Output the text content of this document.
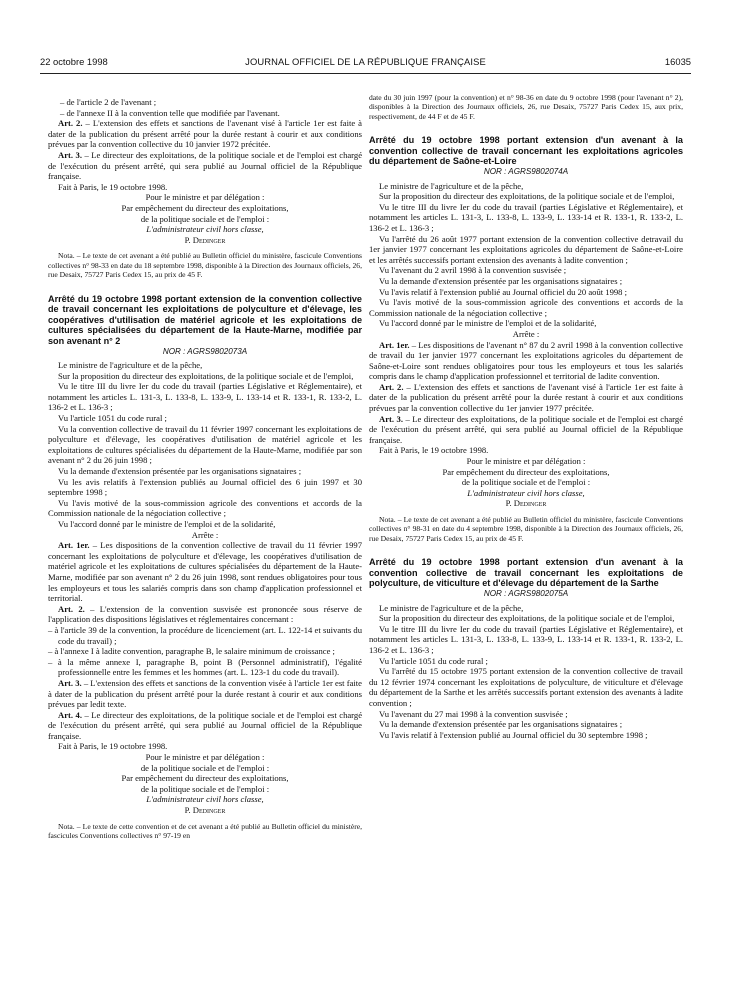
22 octobre 1998	JOURNAL OFFICIEL DE LA RÉPUBLIQUE FRANÇAISE	16035

– de l'article 2 de l'avenant ;

– de l'annexe II à la convention telle que modifiée par l'avenant.

Art. 2. – L'extension des effets et sanctions de l'avenant visé à l'article 1er est faite à dater de la publication du présent arrêté pour la durée restant à courir et aux conditions prévues par la convention collective du 10 janvier 1972 précitée.

Art. 3. – Le directeur des exploitations, de la politique sociale et de l'emploi est chargé de l'exécution du présent arrêté, qui sera publié au Journal officiel de la République française.

Fait à Paris, le 19 octobre 1998.

Pour le ministre et par délégation :

Par empêchement du directeur des exploitations,

de la politique sociale et de l'emploi :

L'administrateur civil hors classe,

P. Dedinger

Nota. – Le texte de cet avenant a été publié au Bulletin officiel du ministère, fascicule Conventions collectives n° 98-33 en date du 18 septembre 1998, disponible à la Direction des Journaux officiels, 26, rue Desaix, 75727 Paris Cedex 15, au prix de 45 F.

Arrêté du 19 octobre 1998 portant extension de la convention collective de travail concernant les exploitations de polyculture et d'élevage, les coopératives d'utilisation de matériel agricole et les exploitations de cultures spécialisées du département de la Haute-Marne, modifiée par son avenant n° 2

NOR : AGRS9802073A

Le ministre de l'agriculture et de la pêche,

Sur la proposition du directeur des exploitations, de la politique sociale et de l'emploi,

Vu le titre III du livre Ier du code du travail (parties Législative et Réglementaire), et notamment les articles L. 131-3, L. 133-8, L. 133-9, L. 133-14 et R. 133-1, R. 133-2, L. 136-2 et L. 136-3 ;

Vu l'article 1051 du code rural ;

Vu la convention collective de travail du 11 février 1997 concernant les exploitations de polyculture et d'élevage, les coopératives d'utilisation de matériel agricole et les exploitations de cultures spécialisées du département de la Haute-Marne, modifiée par son avenant n° 2 du 26 juin 1998 ;

Vu la demande d'extension présentée par les organisations signataires ;

Vu les avis relatifs à l'extension publiés au Journal officiel des 6 juin 1997 et 30 septembre 1998 ;

Vu l'avis motivé de la sous-commission agricole des conventions et accords de la Commission nationale de la négociation collective ;

Vu l'accord donné par le ministre de l'emploi et de la solidarité,

Arrête :

Art. 1er. – Les dispositions de la convention collective de travail du 11 février 1997 concernant les exploitations de polyculture et d'élevage, les coopératives d'utilisation de matériel agricole et les exploitations de cultures spécialisées du département de la Haute-Marne, modifiée par son avenant n° 2 du 26 juin 1998, sont rendues obligatoires pour tous les employeurs et tous les salariés compris dans son champ d'application professionnel et territorial.

Art. 2. – L'extension de la convention susvisée est prononcée sous réserve de l'application des dispositions législatives et réglementaires concernant :

– à l'article 39 de la convention, la procédure de licenciement (art. L. 122-14 et suivants du code du travail) ;

– à l'annexe I à ladite convention, paragraphe B, le salaire minimum de croissance ;

– à la même annexe I, paragraphe B, point B (Personnel administratif), l'égalité professionnelle entre les femmes et les hommes (art. L. 123-1 du code du travail).

Art. 3. – L'extension des effets et sanctions de la convention visée à l'article 1er est faite à dater de la publication du présent arrêté pour la durée restant à courir et aux conditions prévues par ledit texte.

Art. 4. – Le directeur des exploitations, de la politique sociale et de l'emploi est chargé de l'exécution du présent arrêté, qui sera publié au Journal officiel de la République française.

Fait à Paris, le 19 octobre 1998.

Pour le ministre et par délégation :

de la politique sociale et de l'emploi :

Par empêchement du directeur des exploitations,

de la politique sociale et de l'emploi :

L'administrateur civil hors classe,

P. Dedinger

Nota. – Le texte de cette convention et de cet avenant a été publié au Bulletin officiel du ministère, fascicules Conventions collectives n° 97-19 en

date du 30 juin 1997 (pour la convention) et n° 98-36 en date du 9 octobre 1998 (pour l'avenant n° 2), disponibles à la Direction des Journaux officiels, 26, rue Desaix, 75727 Paris Cedex 15, aux prix, respectivement, de 44 F et de 45 F.

Arrêté du 19 octobre 1998 portant extension d'un avenant à la convention collective de travail concernant les exploitations agricoles du département de Saône-et-Loire

NOR : AGRS9802074A

Le ministre de l'agriculture et de la pêche,

Sur la proposition du directeur des exploitations, de la politique sociale et de l'emploi,

Vu le titre III du livre Ier du code du travail (parties Législative et Réglementaire), et notamment les articles L. 131-3, L. 133-8, L. 133-9, L. 133-14 et R. 133-1, R. 133-2, L. 136-2 et L. 136-3 ;

Vu l'arrêté du 26 août 1977 portant extension de la convention collective detravail du 1er janvier 1977 concernant les exploitations agricoles du département de Saône-et-Loire et les arrêtés successifs portant extension des avenants à ladite convention ;

Vu l'avenant du 2 avril 1998 à la convention susvisée ;

Vu la demande d'extension présentée par les organisations signataires ;

Vu l'avis relatif à l'extension publié au Journal officiel du 20 août 1998 ;

Vu l'avis motivé de la sous-commission agricole des conventions et accords de la Commission nationale de la négociation collective ;

Vu l'accord donné par le ministre de l'emploi et de la solidarité,

Arrête :

Art. 1er. – Les dispositions de l'avenant n° 87 du 2 avril 1998 à la convention collective de travail du 1er janvier 1977 concernant les exploitations agricoles du département de Saône-et-Loire sont rendues obligatoires pour tous les employeurs et tous les salariés compris dans le champ d'application professionnel et territorial de ladite convention.

Art. 2. – L'extension des effets et sanctions de l'avenant visé à l'article 1er est faite à dater de la publication du présent arrêté pour la durée restant à courir et aux conditions prévues par la convention collective du 1er janvier 1977 précitée.

Art. 3. – Le directeur des exploitations, de la politique sociale et de l'emploi est chargé de l'exécution du présent arrêté, qui sera publié au Journal officiel de la République française.

Fait à Paris, le 19 octobre 1998.

Pour le ministre et par délégation :

Par empêchement du directeur des exploitations,

de la politique sociale et de l'emploi :

L'administrateur civil hors classe,

P. Dedinger

Nota. – Le texte de cet avenant a été publié au Bulletin officiel du ministère, fascicule Conventions collectives n° 98-31 en date du 4 septembre 1998, disponible à la Direction des Journaux officiels, 26, rue Desaix, 75727 Paris Cedex 15, au prix de 45 F.

Arrêté du 19 octobre 1998 portant extension d'un avenant à la convention collective de travail concernant les exploitations de polyculture, de viticulture et d'élevage du département de la Sarthe

NOR : AGRS9802075A

Le ministre de l'agriculture et de la pêche,

Sur la proposition du directeur des exploitations, de la politique sociale et de l'emploi,

Vu le titre III du livre Ier du code du travail (parties Législative et Réglementaire), et notamment les articles L. 131-3, L. 133-8, L. 133-9, L. 133-14 et R. 133-1, R. 133-2, L. 136-2 et L. 136-3 ;

Vu l'article 1051 du code rural ;

Vu l'arrêté du 15 octobre 1975 portant extension de la convention collective de travail du 12 février 1974 concernant les exploitations de polyculture, de viticulture et d'élevage du département de la Sarthe et les arrêtés successifs portant extension des avenants à ladite convention ;

Vu l'avenant du 27 mai 1998 à la convention susvisée ;

Vu la demande d'extension présentée par les organisations signataires ;

Vu l'avis relatif à l'extension publié au Journal officiel du 30 septembre 1998 ;
